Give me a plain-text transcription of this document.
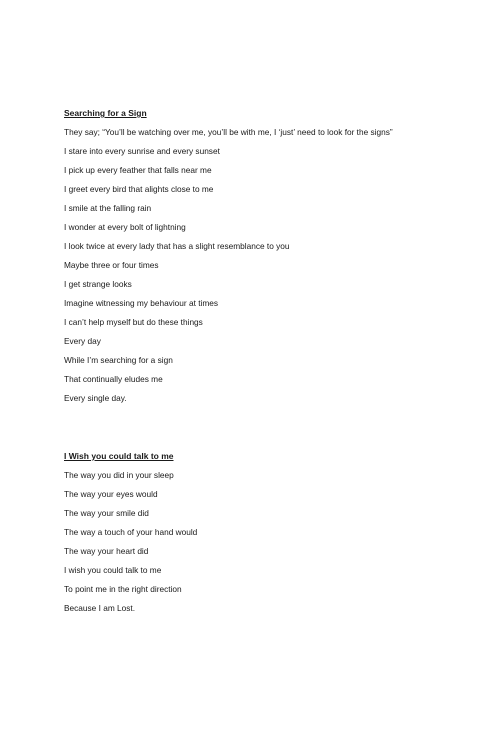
Searching for a Sign
They say; “You’ll be watching over me, you’ll be with me, I ‘just’ need to look for the signs”
I stare into every sunrise and every sunset
I pick up every feather that falls near me
I greet every bird that alights close to me
I smile at the falling rain
I wonder at every bolt of lightning
I look twice at every lady that has a slight resemblance to you
Maybe three or four times
I get strange looks
Imagine witnessing my behaviour at times
I can’t help myself but do these things
Every day
While I’m searching for a sign
That continually eludes me
Every single day.
I Wish you could talk to me
The way you did in your sleep
The way your eyes would
The way your smile did
The way a touch of your hand would
The way your heart did
I wish you could talk to me
To point me in the right direction
Because I am Lost.
